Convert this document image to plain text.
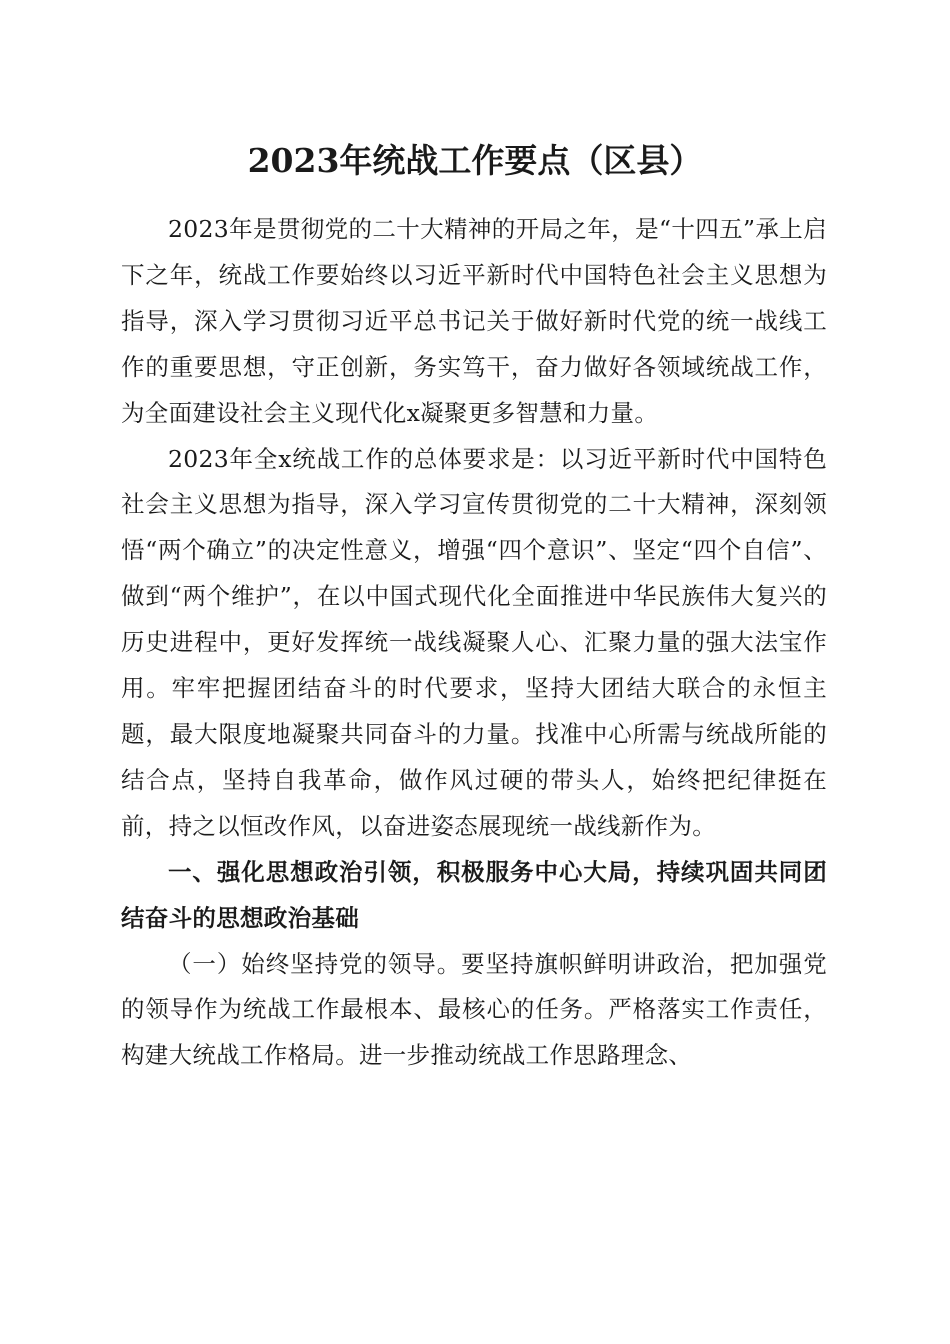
2023年统战工作要点（区县）

2023年是贯彻党的二十大精神的开局之年，是“十四五”承上启下之年，统战工作要始终以习近平新时代中国特色社会主义思想为指导，深入学习贯彻习近平总书记关于做好新时代党的统一战线工作的重要思想，守正创新，务实笃干，奋力做好各领域统战工作，为全面建设社会主义现代化x凝聚更多智慧和力量。

2023年全x统战工作的总体要求是：以习近平新时代中国特色社会主义思想为指导，深入学习宣传贯彻党的二十大精神，深刻领悟“两个确立”的决定性意义，增强“四个意识”、坚定“四个自信”、做到“两个维护”，在以中国式现代化全面推进中华民族伟大复兴的历史进程中，更好发挥统一战线凝聚人心、汇聚力量的强大法宝作用。牢牢把握团结奋斗的时代要求，坚持大团结大联合的永恒主题，最大限度地凝聚共同奋斗的力量。找准中心所需与统战所能的结合点，坚持自我革命，做作风过硬的带头人，始终把纪律挺在前，持之以恒改作风，以奋进姿态展现统一战线新作为。

一、强化思想政治引领，积极服务中心大局，持续巩固共同团结奋斗的思想政治基础

（一）始终坚持党的领导。要坚持旗帜鲜明讲政治，把加强党的领导作为统战工作最根本、最核心的任务。严格落实工作责任，构建大统战工作格局。进一步推动统战工作思路理念、
